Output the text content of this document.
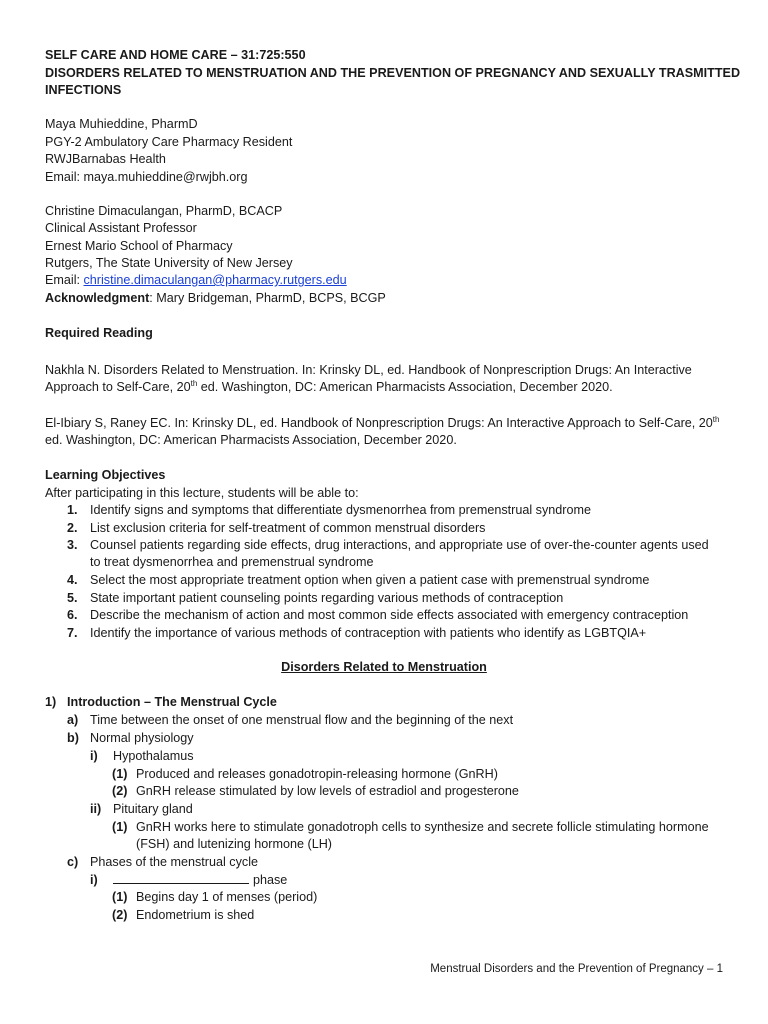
SELF CARE AND HOME CARE – 31:725:550
DISORDERS RELATED TO MENSTRUATION AND THE PREVENTION OF PREGNANCY AND SEXUALLY TRASMITTED
INFECTIONS
Maya Muhieddine, PharmD
PGY-2 Ambulatory Care Pharmacy Resident
RWJBarnabas Health
Email: maya.muhieddine@rwjbh.org
Christine Dimaculangan, PharmD, BCACP
Clinical Assistant Professor
Ernest Mario School of Pharmacy
Rutgers, The State University of New Jersey
Email: christine.dimaculangan@pharmacy.rutgers.edu
Acknowledgment: Mary Bridgeman, PharmD, BCPS, BCGP
Required Reading
Nakhla N. Disorders Related to Menstruation. In: Krinsky DL, ed. Handbook of Nonprescription Drugs: An Interactive
Approach to Self-Care, 20th ed. Washington, DC: American Pharmacists Association, December 2020.
El-Ibiary S, Raney EC. In: Krinsky DL, ed. Handbook of Nonprescription Drugs: An Interactive Approach to Self-Care, 20th
ed. Washington, DC: American Pharmacists Association, December 2020.
Learning Objectives
After participating in this lecture, students will be able to:
1. Identify signs and symptoms that differentiate dysmenorrhea from premenstrual syndrome
2. List exclusion criteria for self-treatment of common menstrual disorders
3. Counsel patients regarding side effects, drug interactions, and appropriate use of over-the-counter agents used
to treat dysmenorrhea and premenstrual syndrome
4. Select the most appropriate treatment option when given a patient case with premenstrual syndrome
5. State important patient counseling points regarding various methods of contraception
6. Describe the mechanism of action and most common side effects associated with emergency contraception
7. Identify the importance of various methods of contraception with patients who identify as LGBTQIA+
Disorders Related to Menstruation
1) Introduction – The Menstrual Cycle
a) Time between the onset of one menstrual flow and the beginning of the next
b) Normal physiology
i) Hypothalamus
(1) Produced and releases gonadotropin-releasing hormone (GnRH)
(2) GnRH release stimulated by low levels of estradiol and progesterone
ii) Pituitary gland
(1) GnRH works here to stimulate gonadotroph cells to synthesize and secrete follicle stimulating hormone
(FSH) and lutenizing hormone (LH)
c) Phases of the menstrual cycle
i)	phase
(1) Begins day 1 of menses (period)
(2) Endometrium is shed
Menstrual Disorders and the Prevention of Pregnancy – 1
